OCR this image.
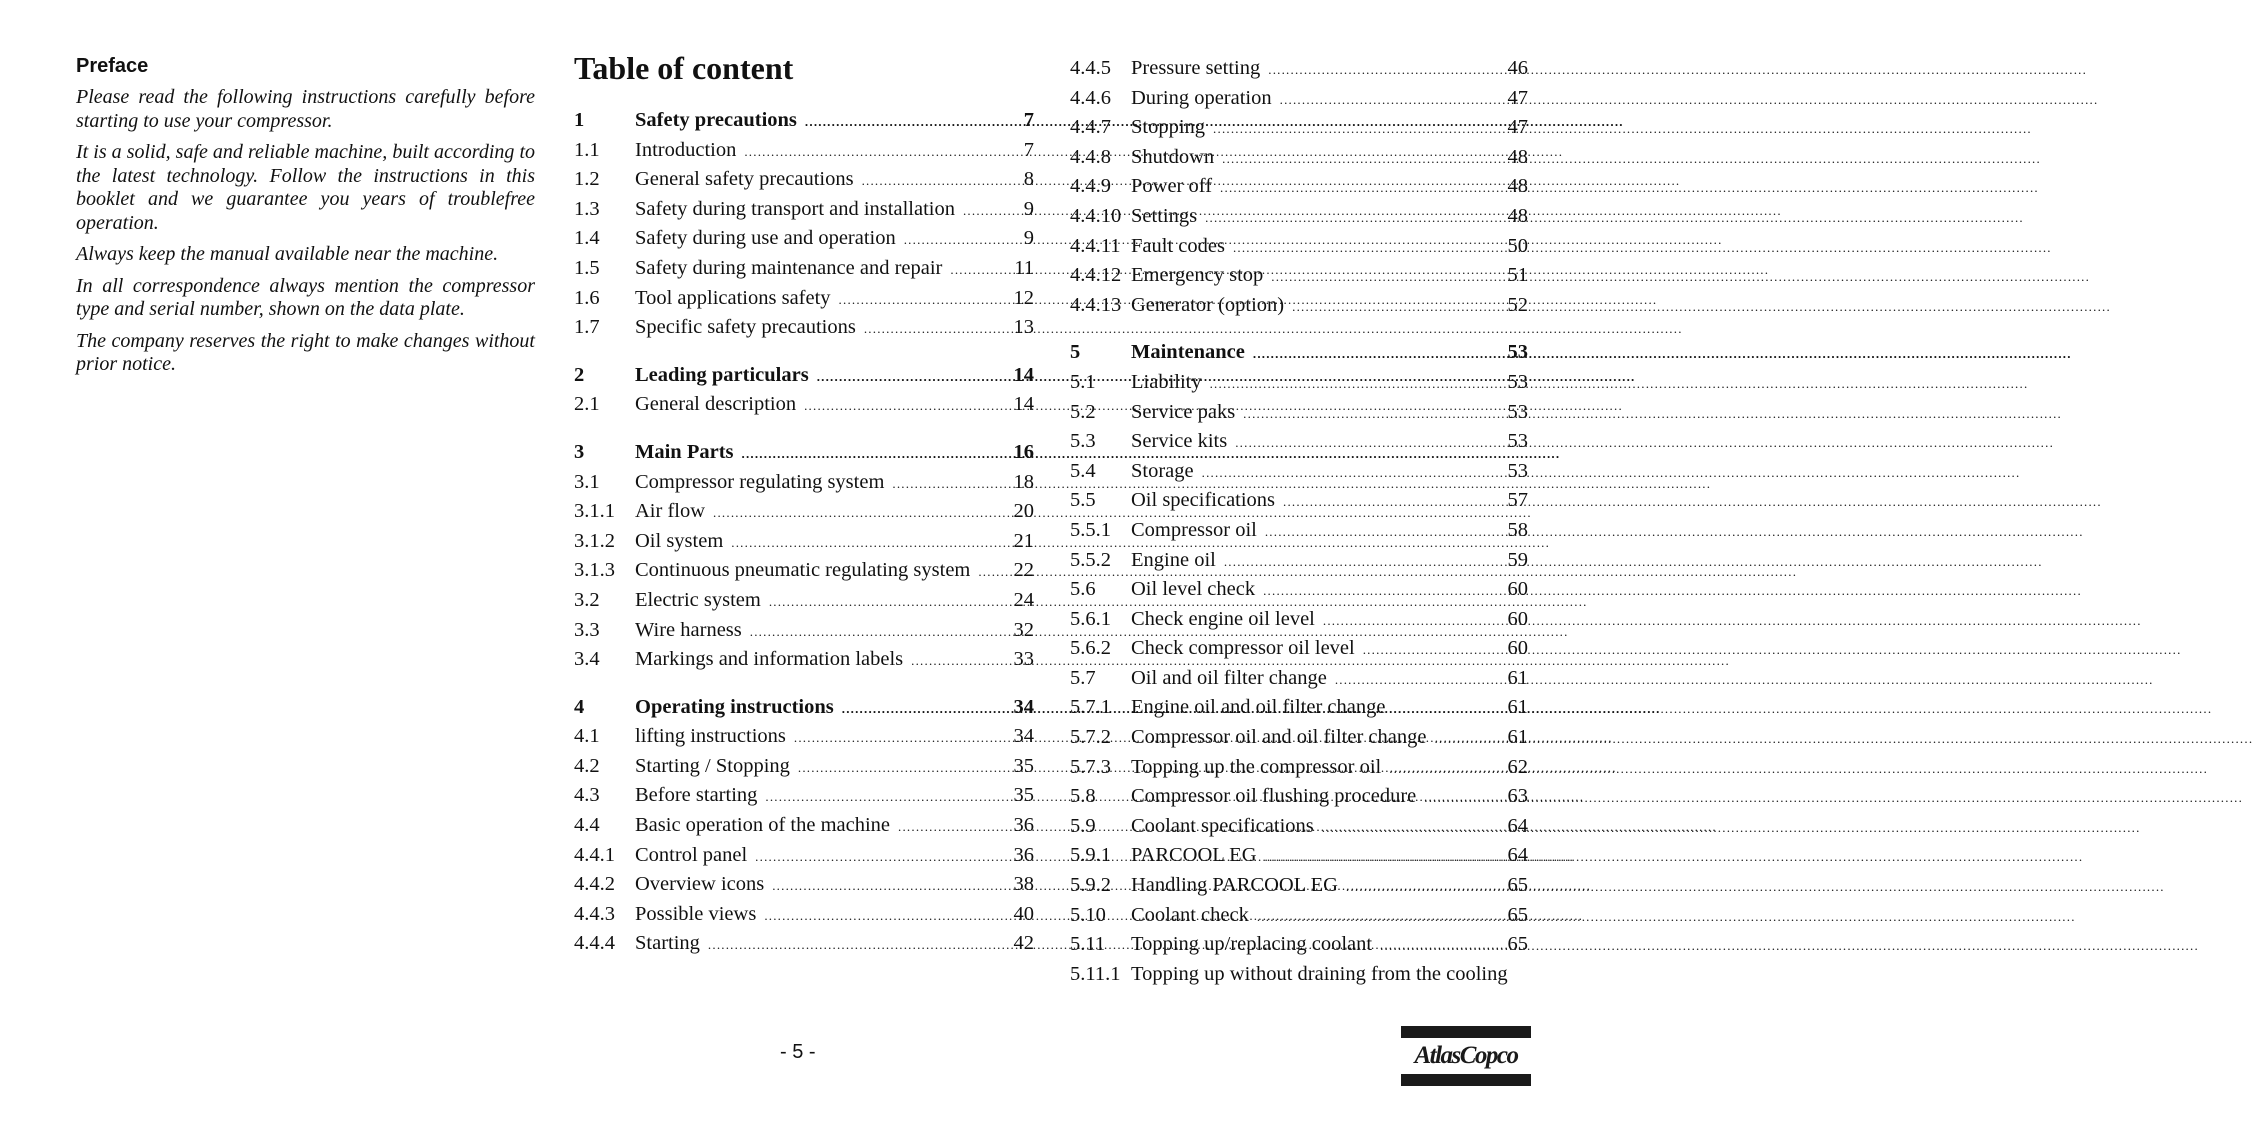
Preface

Please read the following instructions carefully before starting to use your compressor.

It is a solid, safe and reliable machine, built according to the latest technology. Follow the instructions in this booklet and we guarantee you years of troublefree operation.

Always keep the manual available near the machine.

In all correspondence always mention the compressor type and serial number, shown on the data plate.

The company reserves the right to make changes without prior notice.

Table of content
1	Safety precautions .....	7
1.1	Introduction .....	7
1.2	General safety precautions .....	8
1.3	Safety during transport and installation .....	9
1.4	Safety during use and operation .....	9
1.5	Safety during maintenance and repair .....	11
1.6	Tool applications safety .....	12
1.7	Specific safety precautions .....	13
2	Leading particulars .....	14
2.1	General description .....	14
3	Main Parts .....	16
3.1	Compressor regulating system .....	18
3.1.1 Air flow .....	20
3.1.2 Oil system .....	21
3.1.3 Continuous pneumatic regulating system ..... 22
3.2	Electric system .....	24
3.3	Wire harness .....	32
3.4	Markings and information labels .....	33
4	Operating instructions .....	34
4.1	lifting instructions .....	34
4.2	Starting / Stopping .....	35
4.3	Before starting .....	35
4.4	Basic operation of the machine .....	36
4.4.1 Control panel .....	36
4.4.2 Overview icons .....	38
4.4.3 Possible views .....	40
4.4.4 Starting .....	42
4.4.5 Pressure setting .....	46
4.4.6 During operation .....	47
4.4.7 Stopping .....	47
4.4.8 Shutdown .....	48
4.4.9 Power off .....	48
4.4.10 Settings .....	48
4.4.11 Fault codes .....	50
4.4.12 Emergency stop .....	51
4.4.13 Generator (option) .....	52
5	Maintenance .....	53
5.1	Liability .....	53
5.2	Service paks .....	53
5.3	Service kits .....	53
5.4	Storage .....	53
5.5	Oil specifications .....	57
5.5.1 Compressor oil .....	58
5.5.2 Engine oil .....	59
5.6	Oil level check .....	60
5.6.1 Check engine oil level .....	60
5.6.2 Check compressor oil level .....	60
5.7	Oil and oil filter change .....	61
5.7.1 Engine oil and oil filter change .....	61
5.7.2 Compressor oil and oil filter change .....	61
5.7.3 Topping up the compressor oil .....	62
5.8	Compressor oil flushing procedure .....	63
5.9	Coolant specifications .....	64
5.9.1 PARCOOL EG .....	64
5.9.2 Handling PARCOOL EG .....	65
5.10	Coolant check .....	65
5.11	Topping up/replacing coolant .....	65
5.11.1 Topping up without draining from the cooling
- 5 -	AtlasCopco
